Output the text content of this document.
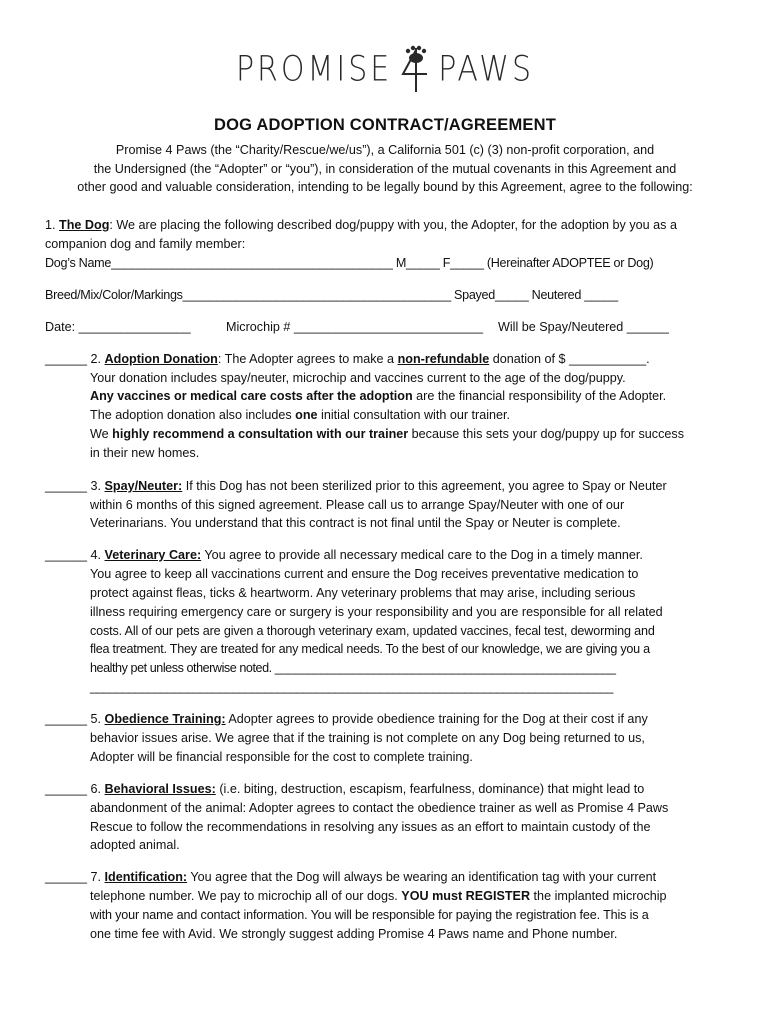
PROMISE PAWS
DOG ADOPTION CONTRACT/AGREEMENT
Promise 4 Paws (the “Charity/Rescue/we/us”), a California 501 (c) (3) non-profit corporation, and
the Undersigned (the “Adopter” or “you”), in consideration of the mutual covenants in this Agreement and
other good and valuable consideration, intending to be legally bound by this Agreement, agree to the following:
1. The Dog: We are placing the following described dog/puppy with you, the Adopter, for the adoption by you as a
companion dog and family member:
Dog’s Name__________________________________________ M_____ F_____ (Hereinafter ADOPTEE or Dog)
Breed/Mix/Color/Markings________________________________________ Spayed_____ Neutered _____
Date: ________________	Microchip # ___________________________ Will be Spay/Neutered ______
______ 2. Adoption Donation: The Adopter agrees to make a non-refundable donation of $ ___________.
Your donation includes spay/neuter, microchip and vaccines current to the age of the dog/puppy.
Any vaccines or medical care costs after the adoption are the financial responsibility of the Adopter.
The adoption donation also includes one initial consultation with our trainer.
We highly recommend a consultation with our trainer because this sets your dog/puppy up for success
in their new homes.
______ 3. Spay/Neuter: If this Dog has not been sterilized prior to this agreement, you agree to Spay or Neuter
within 6 months of this signed agreement. Please call us to arrange Spay/Neuter with one of our
Veterinarians. You understand that this contract is not final until the Spay or Neuter is complete.
______ 4. Veterinary Care: You agree to provide all necessary medical care to the Dog in a timely manner.
You agree to keep all vaccinations current and ensure the Dog receives preventative medication to
protect against fleas, ticks & heartworm. Any veterinary problems that may arise, including serious
illness requiring emergency care or surgery is your responsibility and you are responsible for all related
costs. All of our pets are given a thorough veterinary exam, updated vaccines, fecal test, deworming and
flea treatment. They are treated for any medical needs. To the best of our knowledge, we are giving you a
healthy pet unless otherwise noted. ____________________________________________________
_________________________________________________________________________________
______ 5. Obedience Training: Adopter agrees to provide obedience training for the Dog at their cost if any
behavior issues arise. We agree that if the training is not complete on any Dog being returned to us,
Adopter will be financial responsible for the cost to complete training.
______ 6. Behavioral Issues: (i.e. biting, destruction, escapism, fearfulness, dominance) that might lead to
abandonment of the animal: Adopter agrees to contact the obedience trainer as well as Promise 4 Paws
Rescue to follow the recommendations in resolving any issues as an effort to maintain custody of the
adopted animal.
______ 7. Identification: You agree that the Dog will always be wearing an identification tag with your current
telephone number. We pay to microchip all of our dogs. YOU must REGISTER the implanted microchip
with your name and contact information. You will be responsible for paying the registration fee. This is a
one time fee with Avid. We strongly suggest adding Promise 4 Paws name and Phone number.
